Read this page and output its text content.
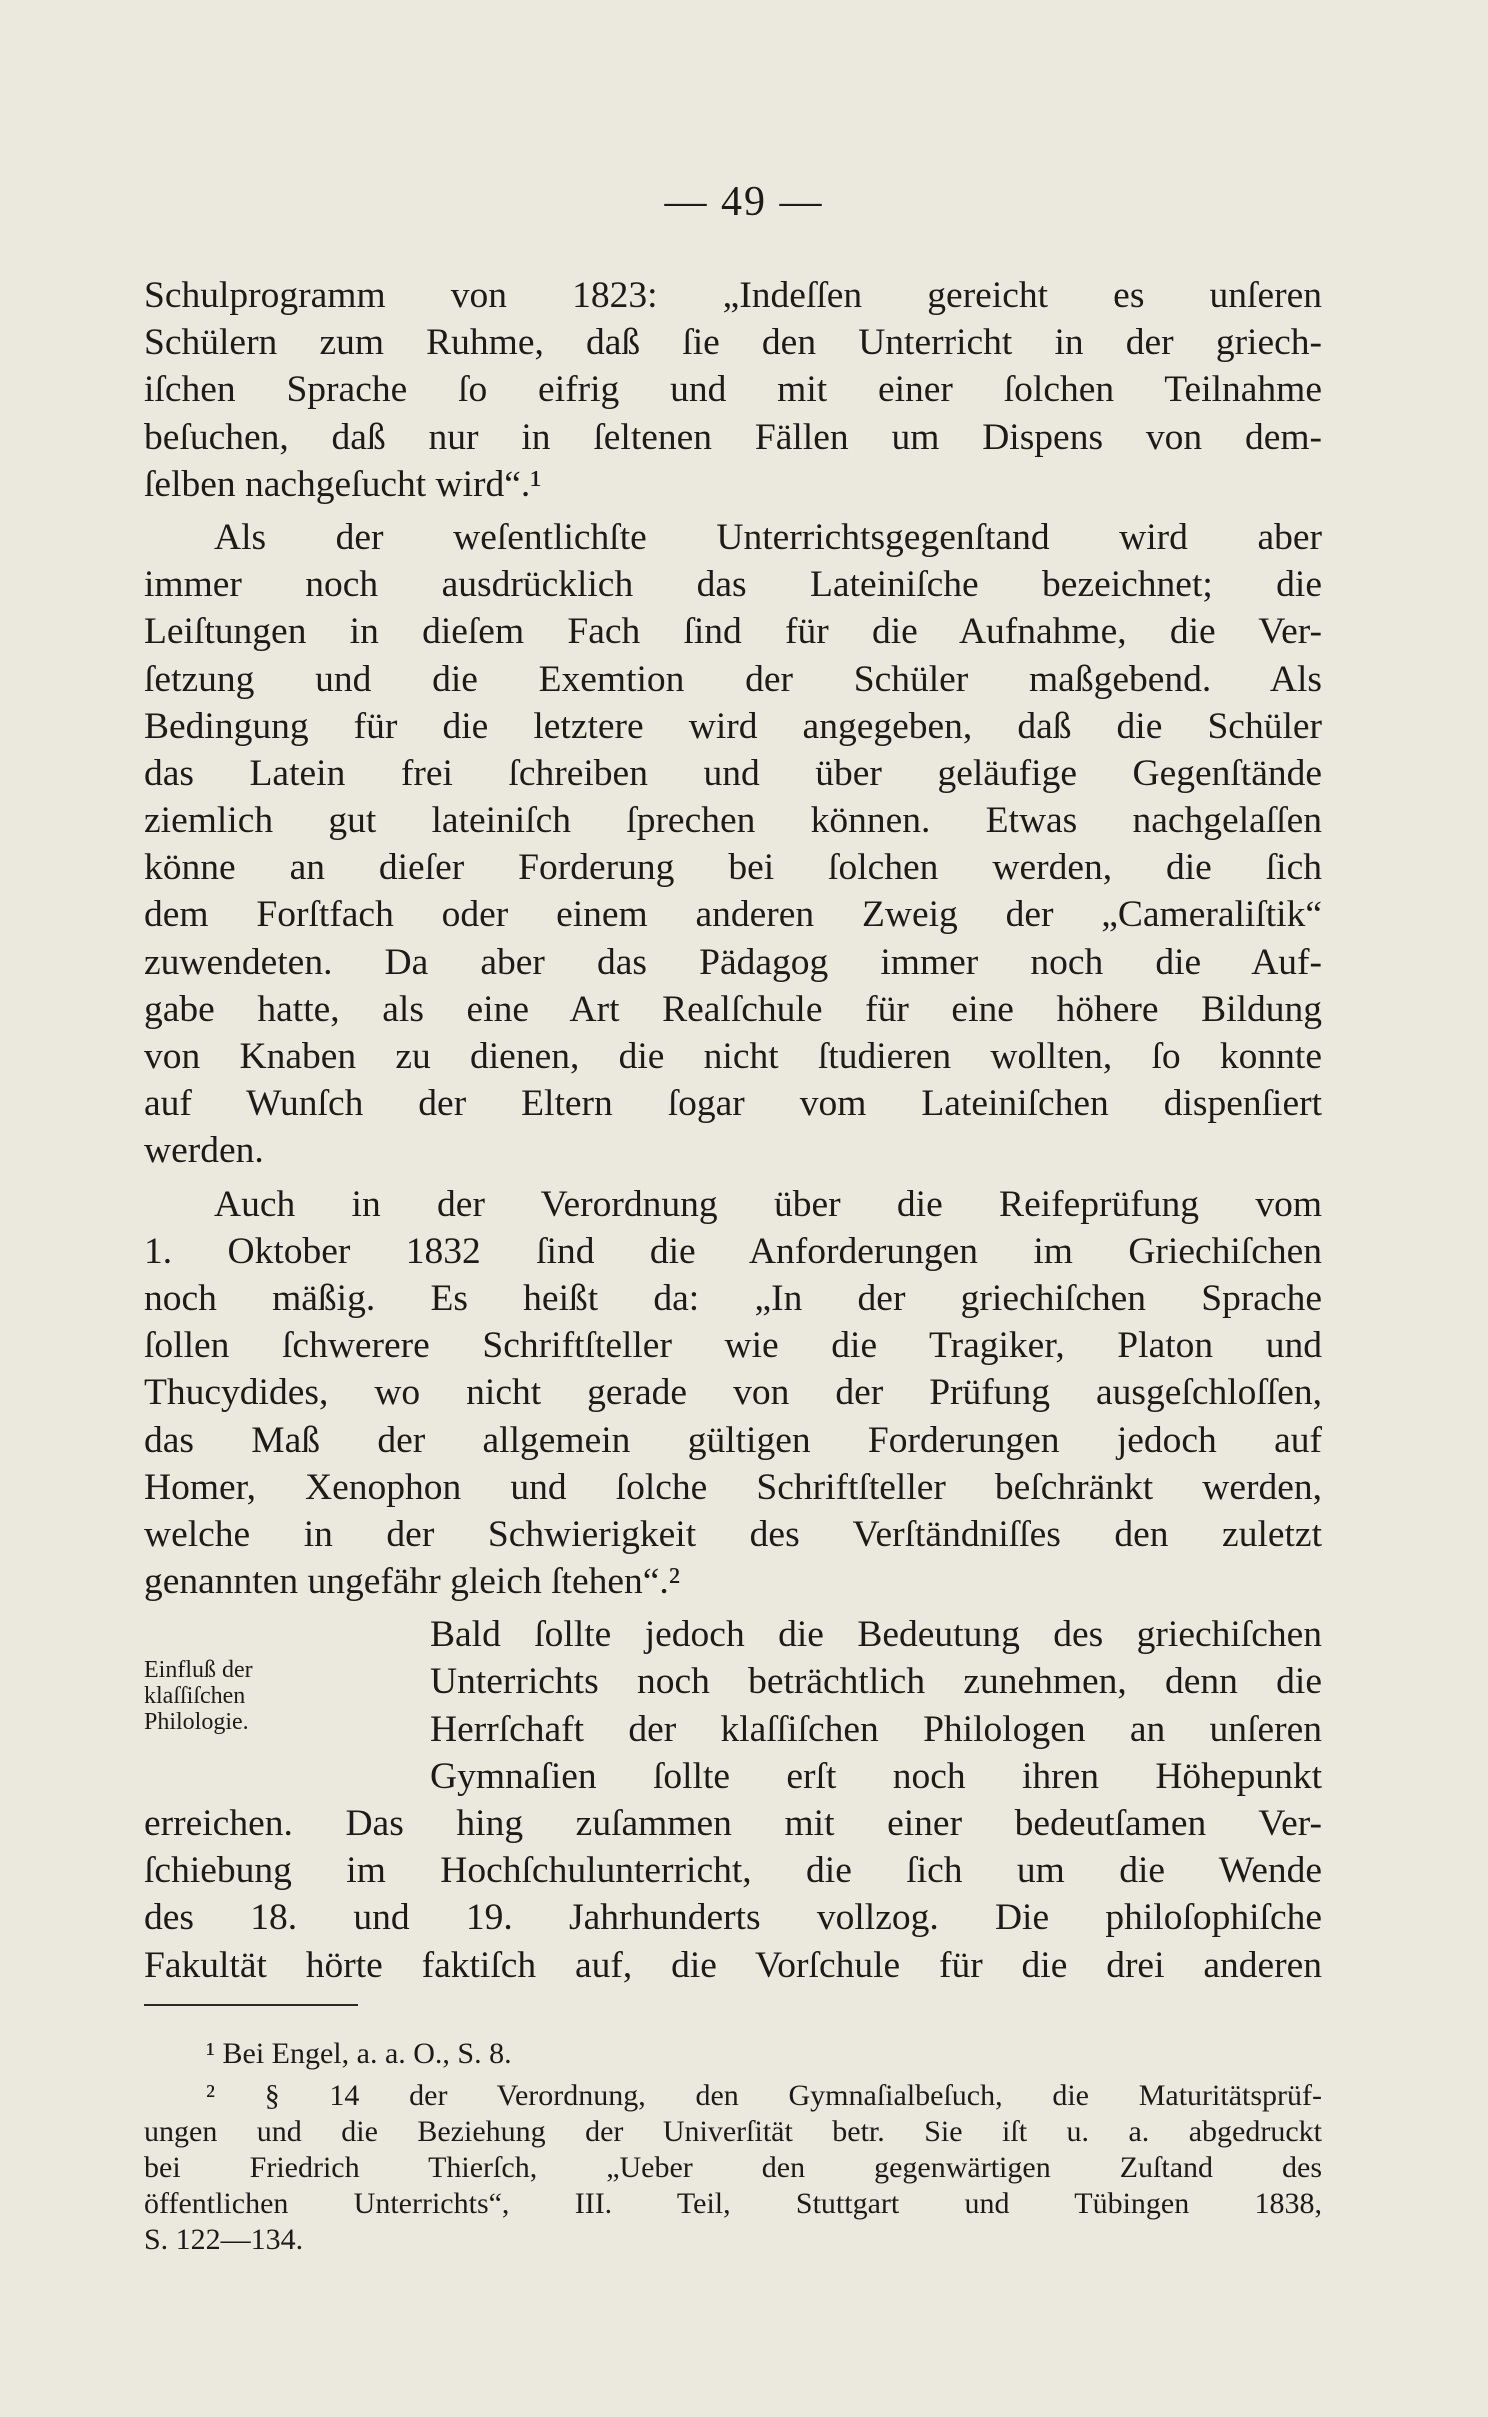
— 49 —
Schulprogramm von 1823: „Indeſſen gereicht es unſeren
Schülern zum Ruhme, daß ſie den Unterricht in der griech-
iſchen Sprache ſo eifrig und mit einer ſolchen Teilnahme
beſuchen, daß nur in ſeltenen Fällen um Dispens von dem-
ſelben nachgeſucht wird“.¹
Als der weſentlichſte Unterrichtsgegenſtand wird aber
immer noch ausdrücklich das Lateiniſche bezeichnet; die
Leiſtungen in dieſem Fach ſind für die Aufnahme, die Ver-
ſetzung und die Exemtion der Schüler maßgebend. Als
Bedingung für die letztere wird angegeben, daß die Schüler
das Latein frei ſchreiben und über geläufige Gegenſtände
ziemlich gut lateiniſch ſprechen können. Etwas nachgelaſſen
könne an dieſer Forderung bei ſolchen werden, die ſich
dem Forſtfach oder einem anderen Zweig der „Cameraliſtik“
zuwendeten. Da aber das Pädagog immer noch die Auf-
gabe hatte, als eine Art Realſchule für eine höhere Bildung
von Knaben zu dienen, die nicht ſtudieren wollten, ſo konnte
auf Wunſch der Eltern ſogar vom Lateiniſchen dispenſiert
werden.
Auch in der Verordnung über die Reifeprüfung vom
1. Oktober 1832 ſind die Anforderungen im Griechiſchen
noch mäßig. Es heißt da: „In der griechiſchen Sprache
ſollen ſchwerere Schriftſteller wie die Tragiker, Platon und
Thucydides, wo nicht gerade von der Prüfung ausgeſchloſſen,
das Maß der allgemein gültigen Forderungen jedoch auf
Homer, Xenophon und ſolche Schriftſteller beſchränkt werden,
welche in der Schwierigkeit des Verſtändniſſes den zuletzt
genannten ungefähr gleich ſtehen“.²
Bald ſollte jedoch die Bedeutung des griechiſchen
Unterrichts noch beträchtlich zunehmen, denn die
Herrſchaft der klaſſiſchen Philologen an unſeren
Gymnaſien ſollte erſt noch ihren Höhepunkt
erreichen. Das hing zuſammen mit einer bedeutſamen Ver-
ſchiebung im Hochſchulunterricht, die ſich um die Wende
des 18. und 19. Jahrhunderts vollzog. Die philoſophiſche
Fakultät hörte faktiſch auf, die Vorſchule für die drei anderen
Einfluß der
klaſſiſchen
Philologie.
¹ Bei Engel, a. a. O., S. 8.
² § 14 der Verordnung, den Gymnaſialbeſuch, die Maturitätsprüf-
ungen und die Beziehung der Univerſität betr. Sie iſt u. a. abgedruckt
bei Friedrich Thierſch, „Ueber den gegenwärtigen Zuſtand des
öffentlichen Unterrichts“, III. Teil, Stuttgart und Tübingen 1838,
S. 122—134.
